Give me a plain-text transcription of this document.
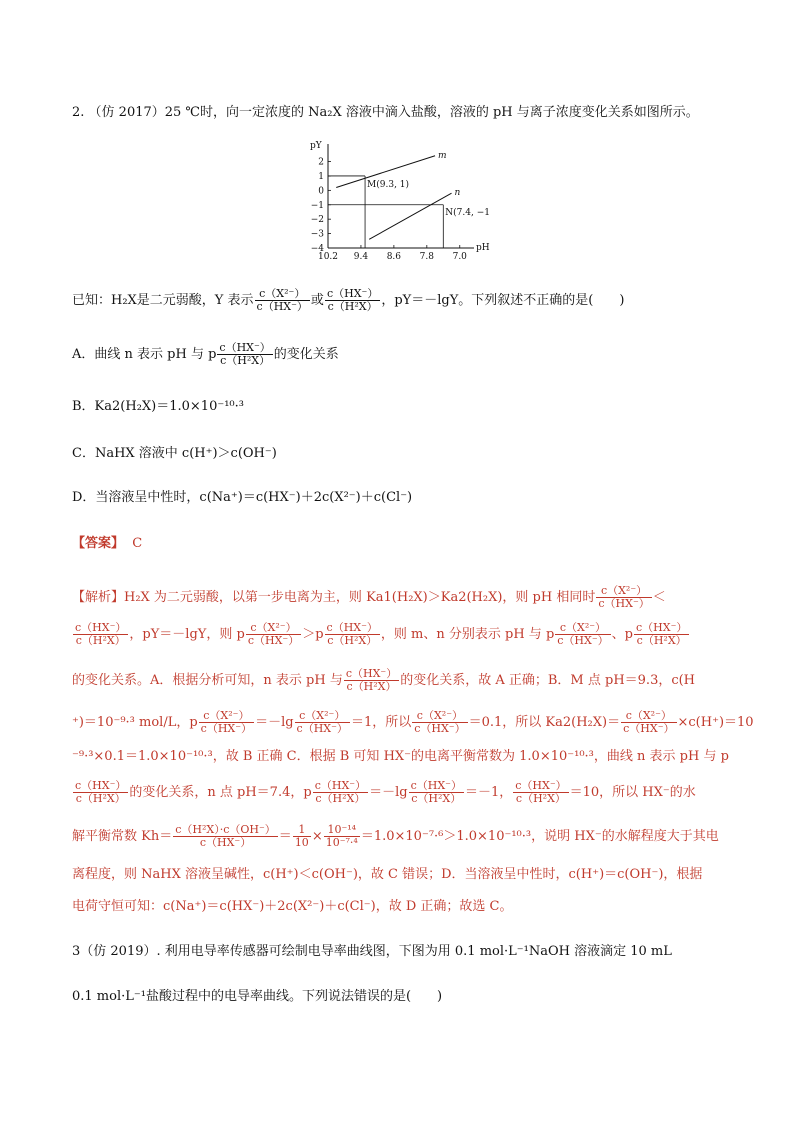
2. （仿 2017）25 ℃时，向一定浓度的 Na₂X 溶液中滴入盐酸，溶液的 pH 与离子浓度变化关系如图所示。
pY
pH
2
1
0
−1
−2
−3
−4
10.2 9.4 8.6 7.8 7.0
m
n
M(9.3, 1)
N(7.4, −1)
已知：H₂X是二元弱酸，Y 表示 $\frac{\text{c（X²⁻）}}{c(HX^-)}$ 或 $\frac{c(HX^-)}{\text{c（H²X）}}$ ，pY＝－lgY。下列叙述不正确的是(　　)
A．曲线 n 表示 pH 与 p $\frac{c(HX^-)}{\text{c（H²X）}}$ 的变化关系
B．Ka2(H₂X)＝1.0×10⁻¹⁰·³
C．NaHX 溶液中 c(H⁺)＞c(OH⁻)
D．当溶液呈中性时，c(Na⁺)＝c(HX⁻)＋2c(X²⁻)＋c(Cl⁻)
【答案】 C
【解析】H₂X 为二元弱酸，以第一步电离为主，则 Ka1(H₂X)＞Ka2(H₂X)，则 pH 相同时 $\frac{\text{c（X²⁻）}}{c(HX^-)}$ ＜
$\frac{c(HX^-)}{\text{c（H²X）}}$ ，pY＝－lgY，则 p $\frac{\text{c（X²⁻）}}{c(HX^-)} >p \frac{c(HX^-)}{\text{c（H²X）}}$ ，则 m、n 分别表示 pH 与 p $\frac{\text{c（X²⁻）}}{c(HX^-)}$ 、p $\frac{c(HX^-)}{\text{c（H²X）}}$
的变化关系。A．根据分析可知，n 表示 pH 与 $\frac{c(HX^-)}{\text{c（H²X）}}$ 的变化关系，故 A 正确；B．M 点 pH＝9.3，c(H
⁺)＝10⁻⁹·³ mol/L，p $\frac{\text{c（X²⁻）}}{c(HX^-)} =-\lg \frac{\text{c（X²⁻）}}{c(HX^-)} =1$，所以 $\frac{\text{c（X²⁻）}}{c(HX^-)} =0.1$，所以 $Ka2(H_2X)= \frac{\text{c（X²⁻）}}{c(HX^-)} \times c(H^+)=10$
⁻⁹·³×0.1＝1.0×10⁻¹⁰·³，故 B 正确 C．根据 B 可知 HX⁻的电离平衡常数为 1.0×10⁻¹⁰·³，曲线 n 表示 pH 与 p
$\frac{c(HX^-)}{\text{c（H²X）}}$ 的变化关系，n 点 pH＝7.4，p $\frac{c(HX^-)}{\text{c（H²X）}} =-\lg \frac{c(HX^-)}{\text{c（H²X）}} =-1$， $\frac{c(HX^-)}{\text{c（H²X）}} =10$，所以 HX⁻的水
解平衡常数 $Kh= \frac{\text{c（H²X）·c（OH⁻）}}{c(HX^-)} = \frac{1}{10} \times \frac{\text{10⁻¹⁴}}{\text{10⁻⁷·⁴}} =1.0\times 10^{-7}\cdot^6>1.0\times 10^{-10}\cdot^3$，说明 HX⁻的水解程度大于其电
离程度，则 NaHX 溶液呈碱性，c(H⁺)＜c(OH⁻)，故 C 错误；D．当溶液呈中性时，c(H⁺)＝c(OH⁻)，根据
电荷守恒可知：c(Na⁺)＝c(HX⁻)＋2c(X²⁻)＋c(Cl⁻)，故 D 正确；故选 C。
3（仿 2019）. 利用电导率传感器可绘制电导率曲线图，下图为用 0.1 mol·L⁻¹NaOH 溶液滴定 10 mL
0.1 mol·L⁻¹盐酸过程中的电导率曲线。下列说法错误的是(　　)
